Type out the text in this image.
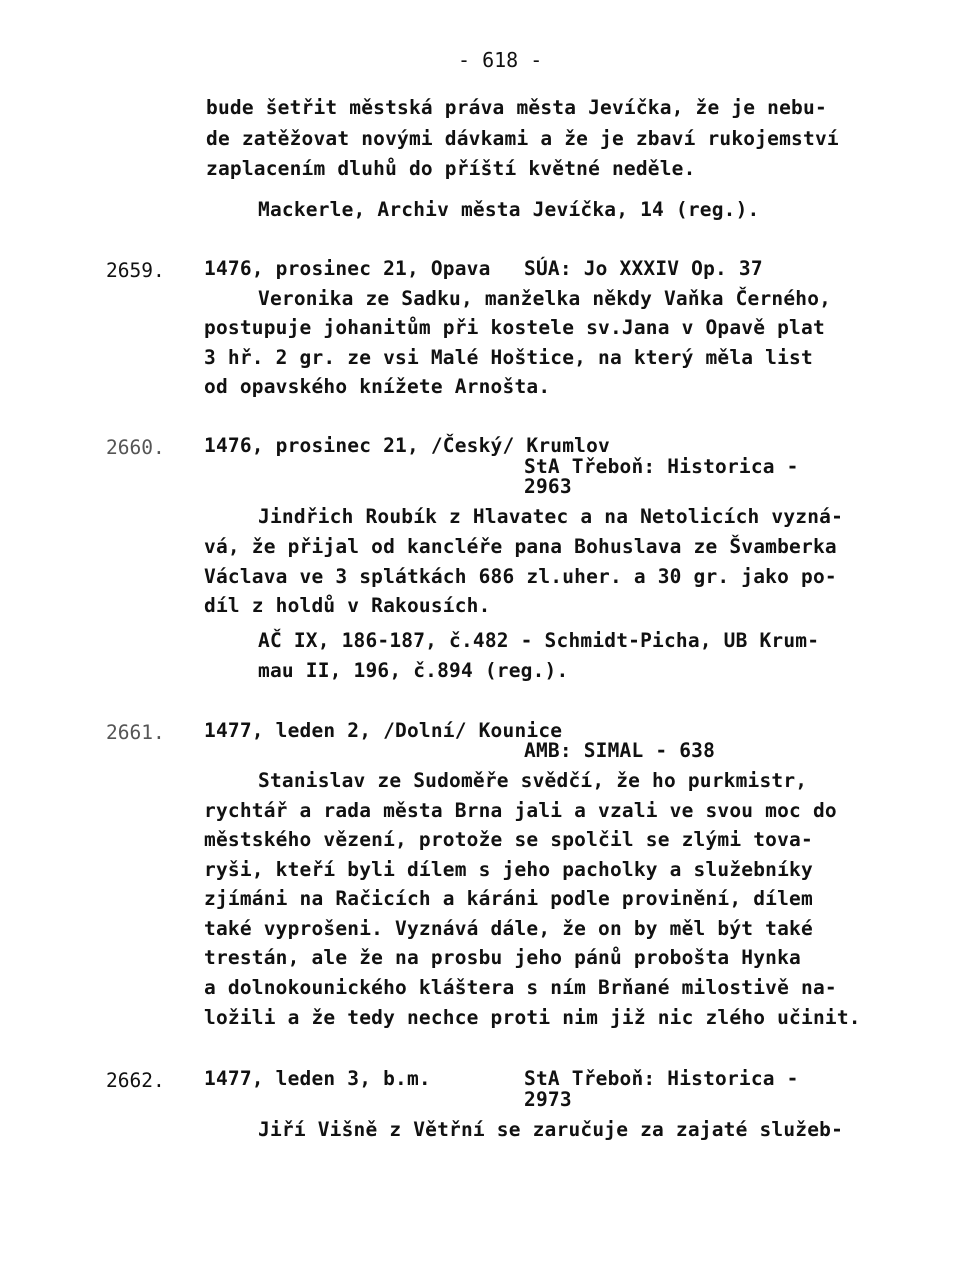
- 618 -
bude šetřit městská práva města Jevíčka, že je nebu-
de zatěžovat novými dávkami a že je zbaví rukojemství
zaplacením dluhů do příští květné neděle.
Mackerle, Archiv města Jevíčka, 14 (reg.).
2659. 1476, prosinec 21, Opava SÚA: Jo XXXIV Op. 37
Veronika ze Sadku, manželka někdy Vaňka Černého,
postupuje johanitům při kostele sv.Jana v Opavě plat
3 hř. 2 gr. ze vsi Malé Hoštice, na který měla list
od opavského knížete Arnošta.
2660. 1476, prosinec 21, /Český/ Krumlov
StA Třeboň: Historica -
2963
Jindřich Roubík z Hlavatec a na Netolicích vyzná-
vá, že přijal od kancléře pana Bohuslava ze Švamberka
Václava ve 3 splátkách 686 zl.uher. a 30 gr. jako po-
díl z holdů v Rakousích.
AČ IX, 186-187, č.482 - Schmidt-Picha, UB Krum-
mau II, 196, č.894 (reg.).
2661. 1477, leden 2, /Dolní/ Kounice
AMB: SIMAL - 638
Stanislav ze Sudoměře svědčí, že ho purkmistr,
rychtář a rada města Brna jali a vzali ve svou moc do
městského vězení, protože se spolčil se zlými tova-
ryši, kteří byli dílem s jeho pacholky a služebníky
zjímáni na Račicích a káráni podle provinění, dílem
také vyprošeni. Vyznává dále, že on by měl být také
trestán, ale že na prosbu jeho pánů probošta Hynka
a dolnokounického kláštera s ním Brňané milostivě na-
ložili a že tedy nechce proti nim již nic zlého učinit.
2662. 1477, leden 3, b.m.	StA Třeboň: Historica -
2973
Jiří Višně z Větřní se zaručuje za zajaté služeb-
